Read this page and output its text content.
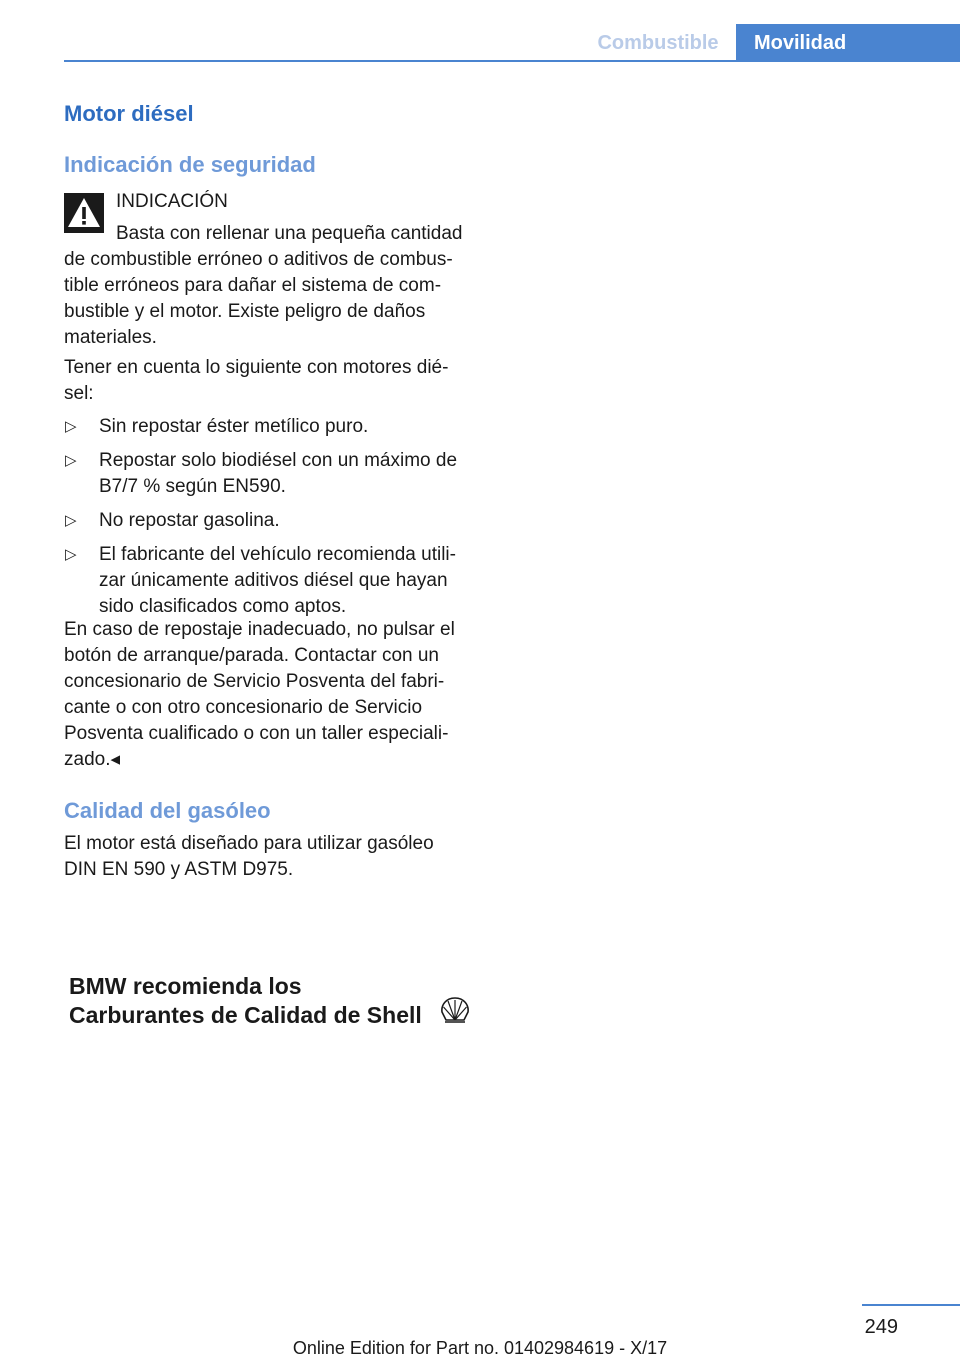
Combustible	Movilidad
Motor diésel
Indicación de seguridad

INDICACIÓN

Basta con rellenar una pequeña cantidad

de combustible erróneo o aditivos de combus-

tible erróneos para dañar el sistema de com-

bustible y el motor. Existe peligro de daños

materiales.

Tener en cuenta lo siguiente con motores dié-

sel:

▷ Sin repostar éster metílico puro.
▷ Repostar solo biodiésel con un máximo de
B7/7 % según EN590.
▷ No repostar gasolina.
▷ El fabricante del vehículo recomienda utili-
zar únicamente aditivos diésel que hayan
sido clasificados como aptos.

En caso de repostaje inadecuado, no pulsar el

botón de arranque/parada. Contactar con un

concesionario de Servicio Posventa del fabri-

cante o con otro concesionario de Servicio

Posventa cualificado o con un taller especiali-

zado.◂

Calidad del gasóleo

El motor está diseñado para utilizar gasóleo

DIN EN 590 y ASTM D975.

BMW recomienda los
Carburantes de Calidad de Shell
249
Online Edition for Part no. 01402984619 - X/17
